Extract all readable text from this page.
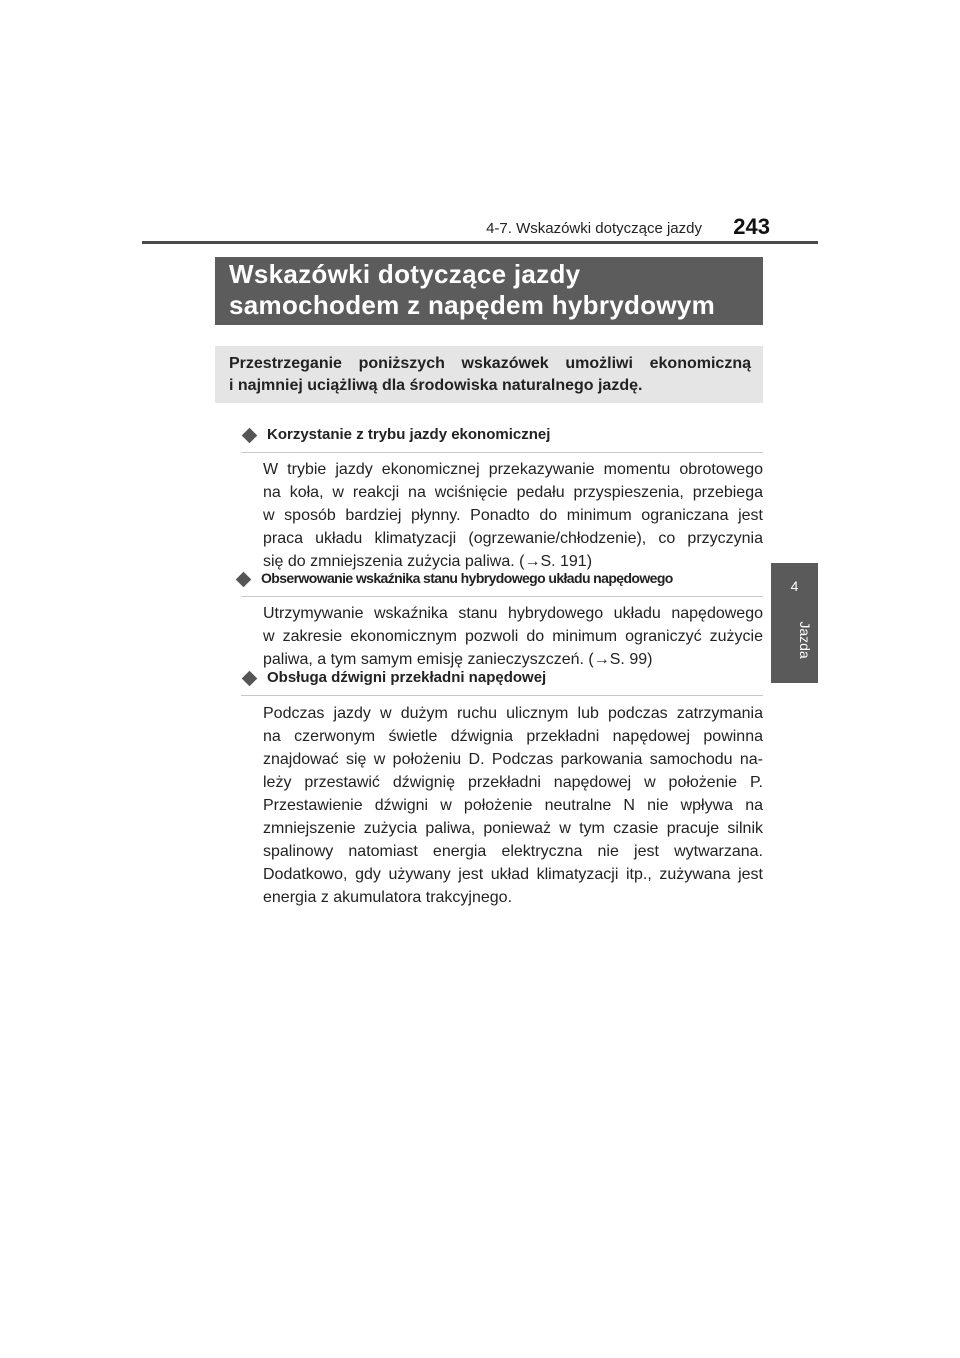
4-7. Wskazówki dotyczące jazdy 243
Wskazówki dotyczące jazdy
samochodem z napędem hybrydowym
Przestrzeganie poniższych wskazówek umożliwi ekonomiczną
i najmniej uciążliwą dla środowiska naturalnego jazdę.
Korzystanie z trybu jazdy ekonomicznej
W trybie jazdy ekonomicznej przekazywanie momentu obrotowego
na koła, w reakcji na wciśnięcie pedału przyspieszenia, przebiega
w sposób bardziej płynny. Ponadto do minimum ograniczana jest
praca układu klimatyzacji (ogrzewanie/chłodzenie), co przyczynia
się do zmniejszenia zużycia paliwa. (→S. 191)
Obserwowanie wskaźnika stanu hybrydowego układu napędowego
Utrzymywanie wskaźnika stanu hybrydowego układu napędowego
w zakresie ekonomicznym pozwoli do minimum ograniczyć zużycie
paliwa, a tym samym emisję zanieczyszczeń. (→S. 99)
Obsługa dźwigni przekładni napędowej
Podczas jazdy w dużym ruchu ulicznym lub podczas zatrzymania
na czerwonym świetle dźwignia przekładni napędowej powinna
znajdować się w położeniu D. Podczas parkowania samochodu na-
leży przestawić dźwignię przekładni napędowej w położenie P.
Przestawienie dźwigni w położenie neutralne N nie wpływa na
zmniejszenie zużycia paliwa, ponieważ w tym czasie pracuje silnik
spalinowy natomiast energia elektryczna nie jest wytwarzana.
Dodatkowo, gdy używany jest układ klimatyzacji itp., zużywana jest
energia z akumulatora trakcyjnego.
4
Jazda
